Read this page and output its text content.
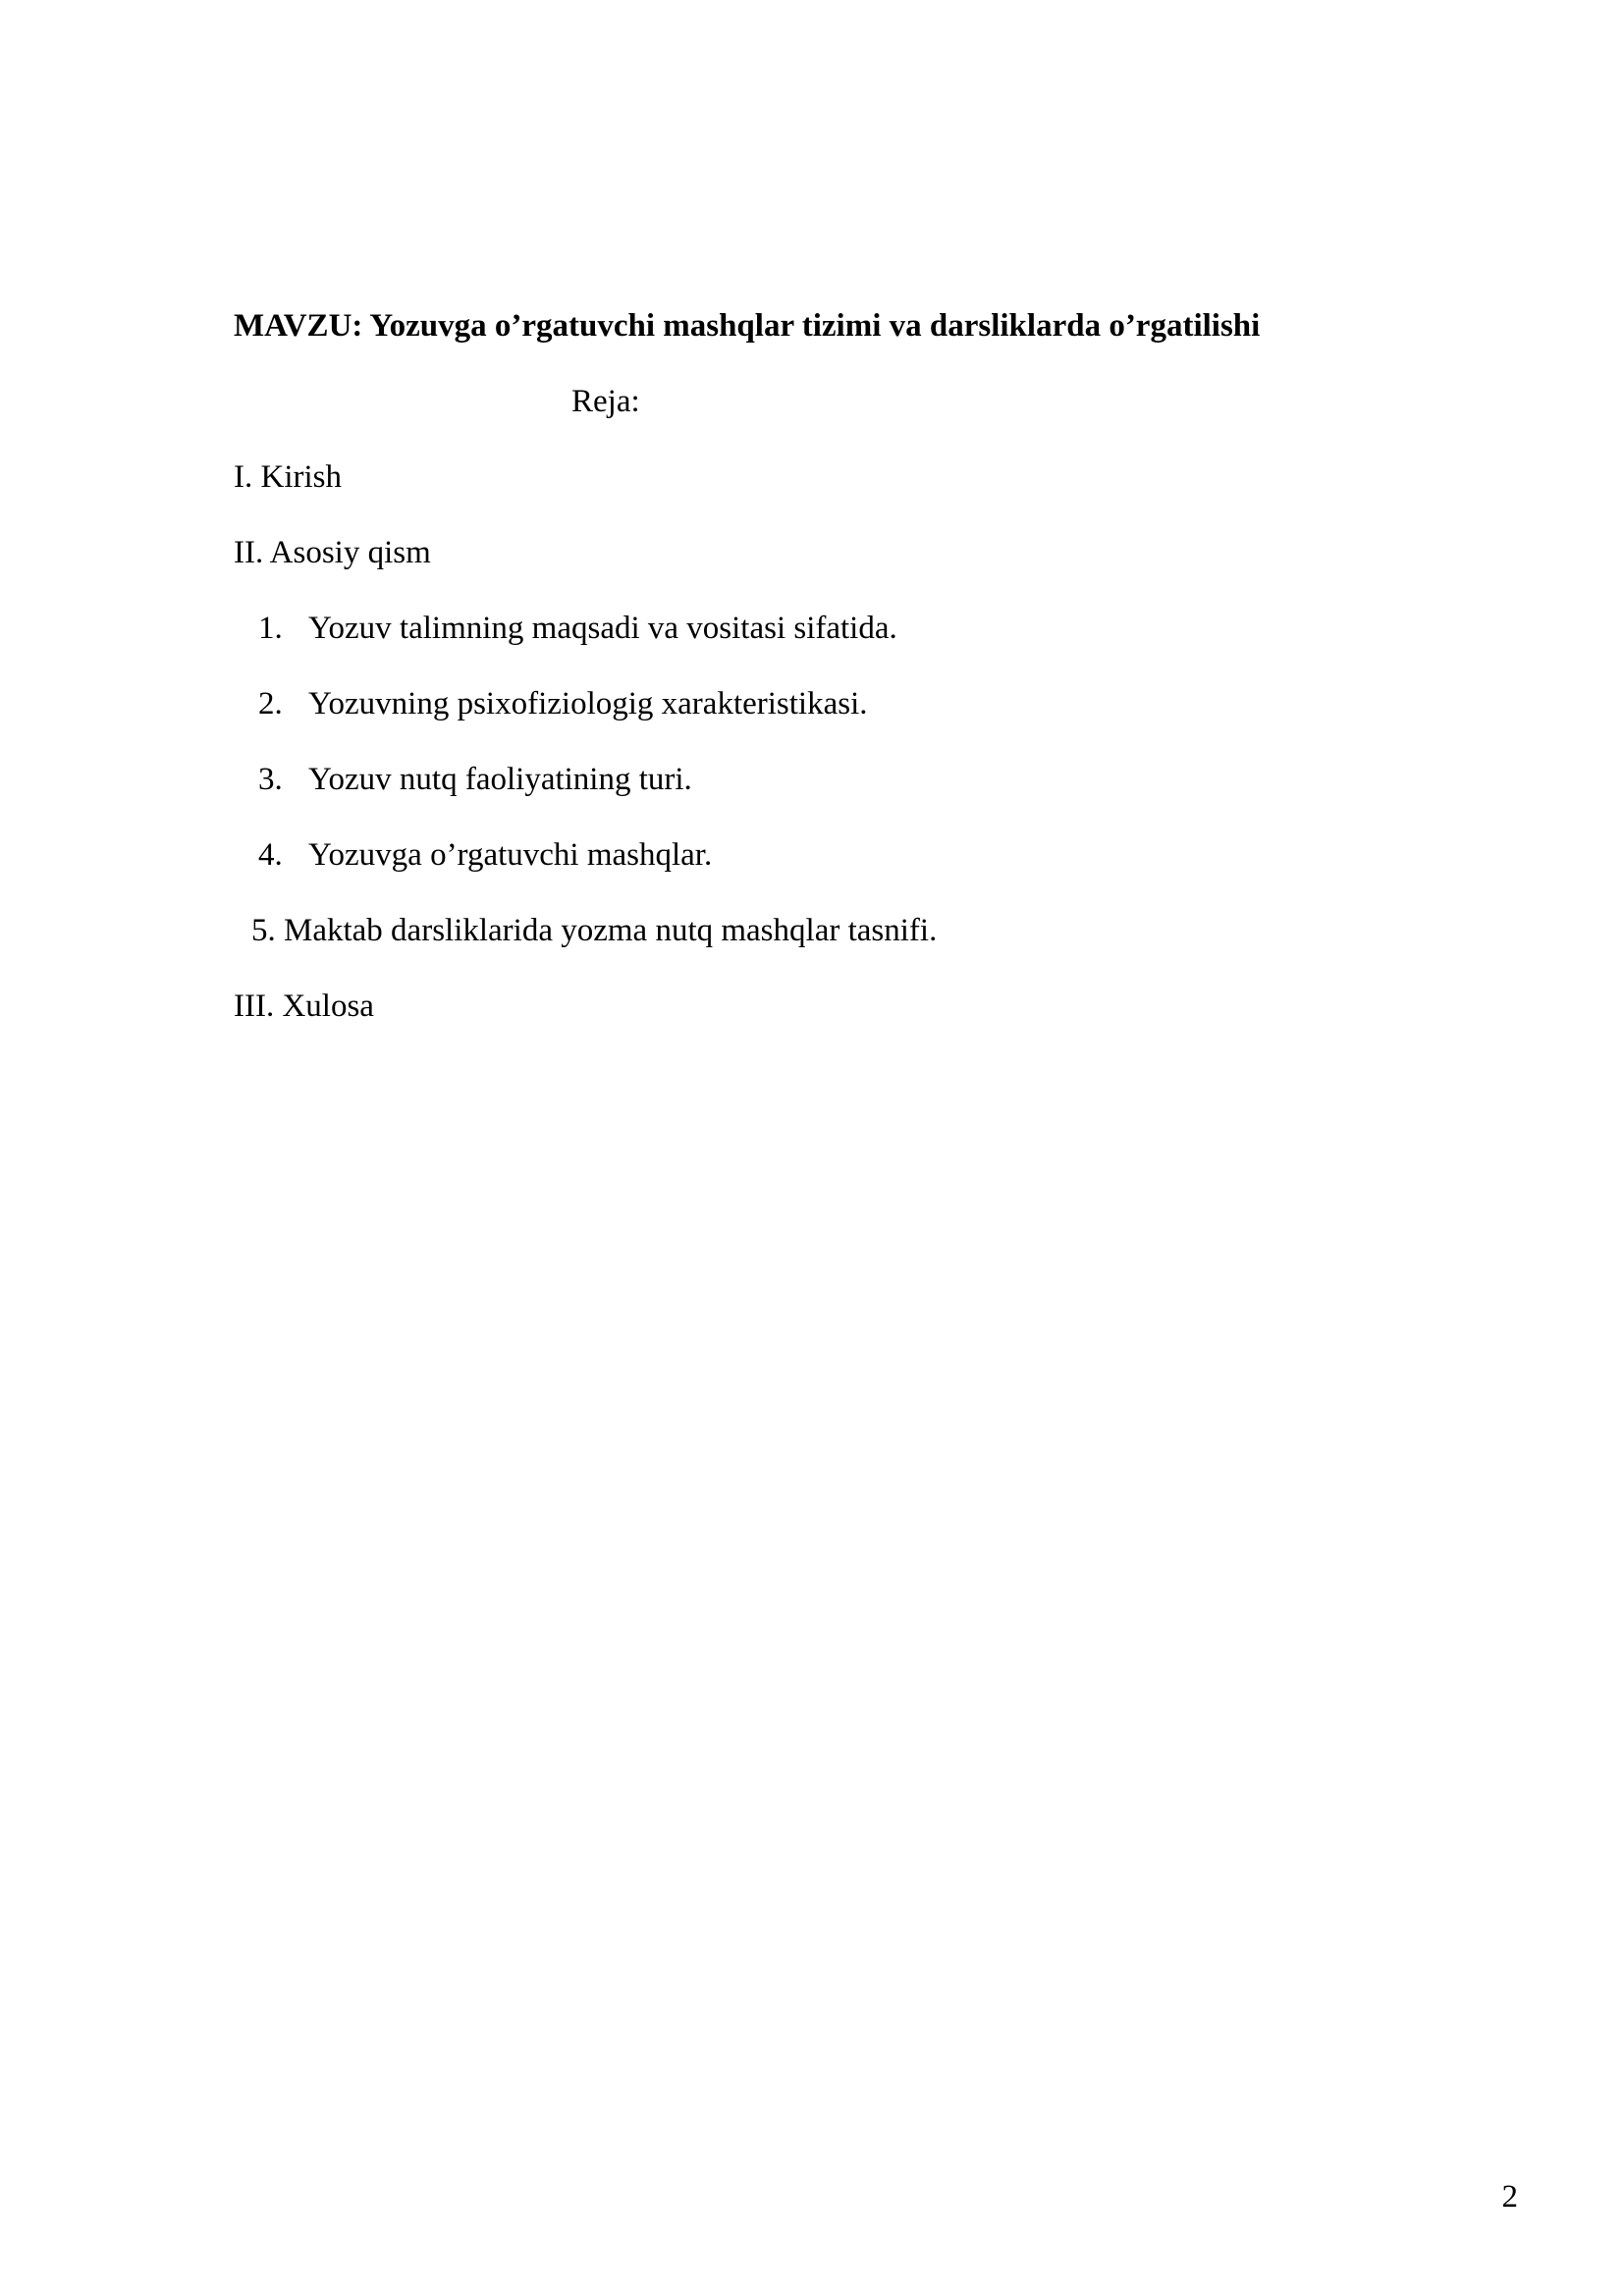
MAVZU: Yozuvga o’rgatuvchi mashqlar tizimi va darsliklarda o’rgatilishi
Reja:
I. Kirish
II. Asosiy qism
1. Yozuv talimning maqsadi va vositasi sifatida.
2. Yozuvning psixofiziologig xarakteristikasi.
3. Yozuv nutq faoliyatining turi.
4. Yozuvga o’rgatuvchi mashqlar.
5. Maktab darsliklarida yozma nutq mashqlar tasnifi.
III. Xulosa
2
